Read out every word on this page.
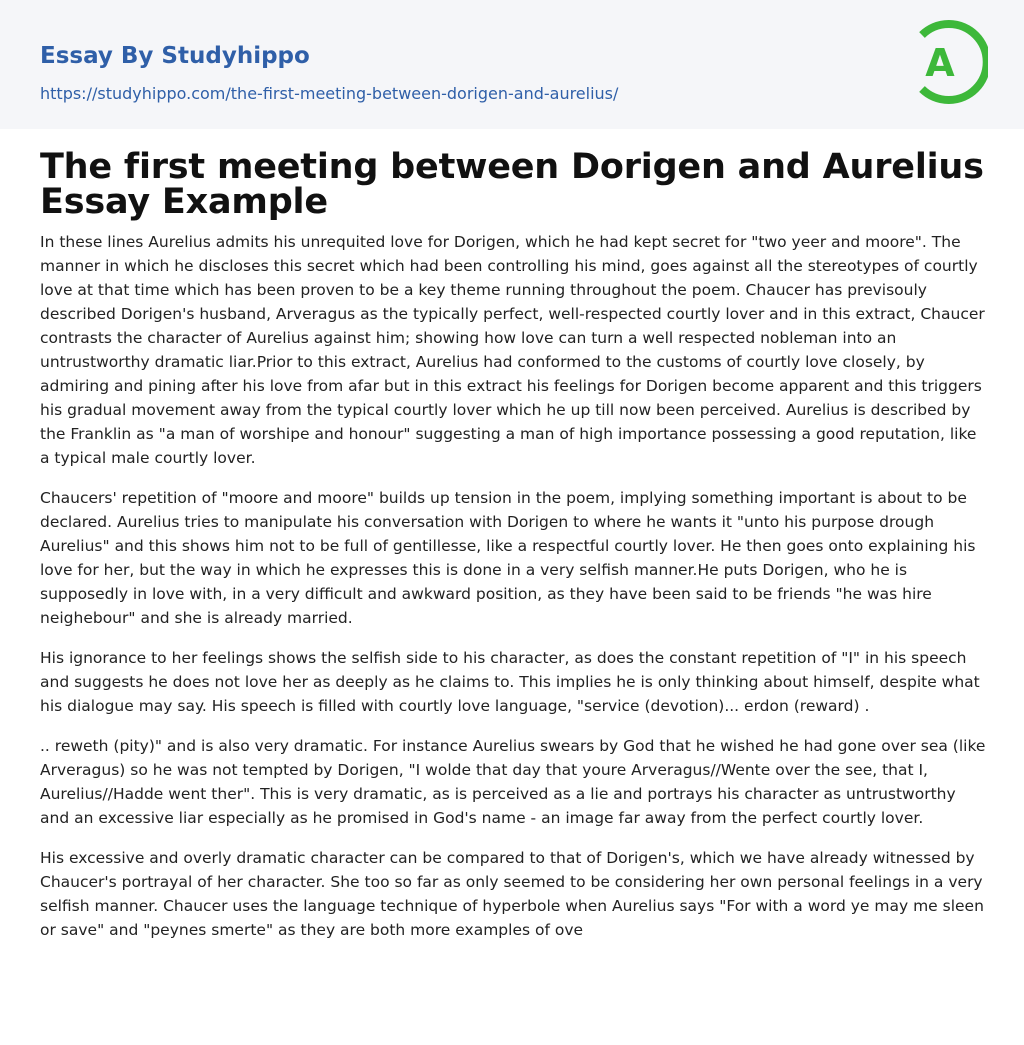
Essay By Studyhippo
https://studyhippo.com/the-first-meeting-between-dorigen-and-aurelius/
A
The first meeting between Dorigen and Aurelius Essay Example

In these lines Aurelius admits his unrequited love for Dorigen, which he had kept secret for "two yeer and moore". The manner in which he discloses this secret which had been controlling his mind, goes against all the stereotypes of courtly love at that time which has been proven to be a key theme running throughout the poem. Chaucer has previsouly described Dorigen's husband, Arveragus as the typically perfect, well-respected courtly lover and in this extract, Chaucer contrasts the character of Aurelius against him; showing how love can turn a well respected nobleman into an untrustworthy dramatic liar.Prior to this extract, Aurelius had conformed to the customs of courtly love closely, by admiring and pining after his love from afar but in this extract his feelings for Dorigen become apparent and this triggers his gradual movement away from the typical courtly lover which he up till now been perceived. Aurelius is described by the Franklin as "a man of worshipe and honour" suggesting a man of high importance possessing a good reputation, like a typical male courtly lover.

Chaucers' repetition of "moore and moore" builds up tension in the poem, implying something important is about to be declared. Aurelius tries to manipulate his conversation with Dorigen to where he wants it "unto his purpose drough Aurelius" and this shows him not to be full of gentillesse, like a respectful courtly lover. He then goes onto explaining his love for her, but the way in which he expresses this is done in a very selfish manner.He puts Dorigen, who he is supposedly in love with, in a very difficult and awkward position, as they have been said to be friends "he was hire neighebour" and she is already married.

His ignorance to her feelings shows the selfish side to his character, as does the constant repetition of "I" in his speech and suggests he does not love her as deeply as he claims to. This implies he is only thinking about himself, despite what his dialogue may say. His speech is filled with courtly love language, "service (devotion)... erdon (reward) .

.. reweth (pity)" and is also very dramatic. For instance Aurelius swears by God that he wished he had gone over sea (like Arveragus) so he was not tempted by Dorigen, "I wolde that day that youre Arveragus//Wente over the see, that I, Aurelius//Hadde went ther". This is very dramatic, as is perceived as a lie and portrays his character as untrustworthy and an excessive liar especially as he promised in God's name - an image far away from the perfect courtly lover.

His excessive and overly dramatic character can be compared to that of Dorigen's, which we have already witnessed by Chaucer's portrayal of her character. She too so far as only seemed to be considering her own personal feelings in a very selfish manner. Chaucer uses the language technique of hyperbole when Aurelius says "For with a word ye may me sleen or save" and "peynes smerte" as they are both more examples of ove
